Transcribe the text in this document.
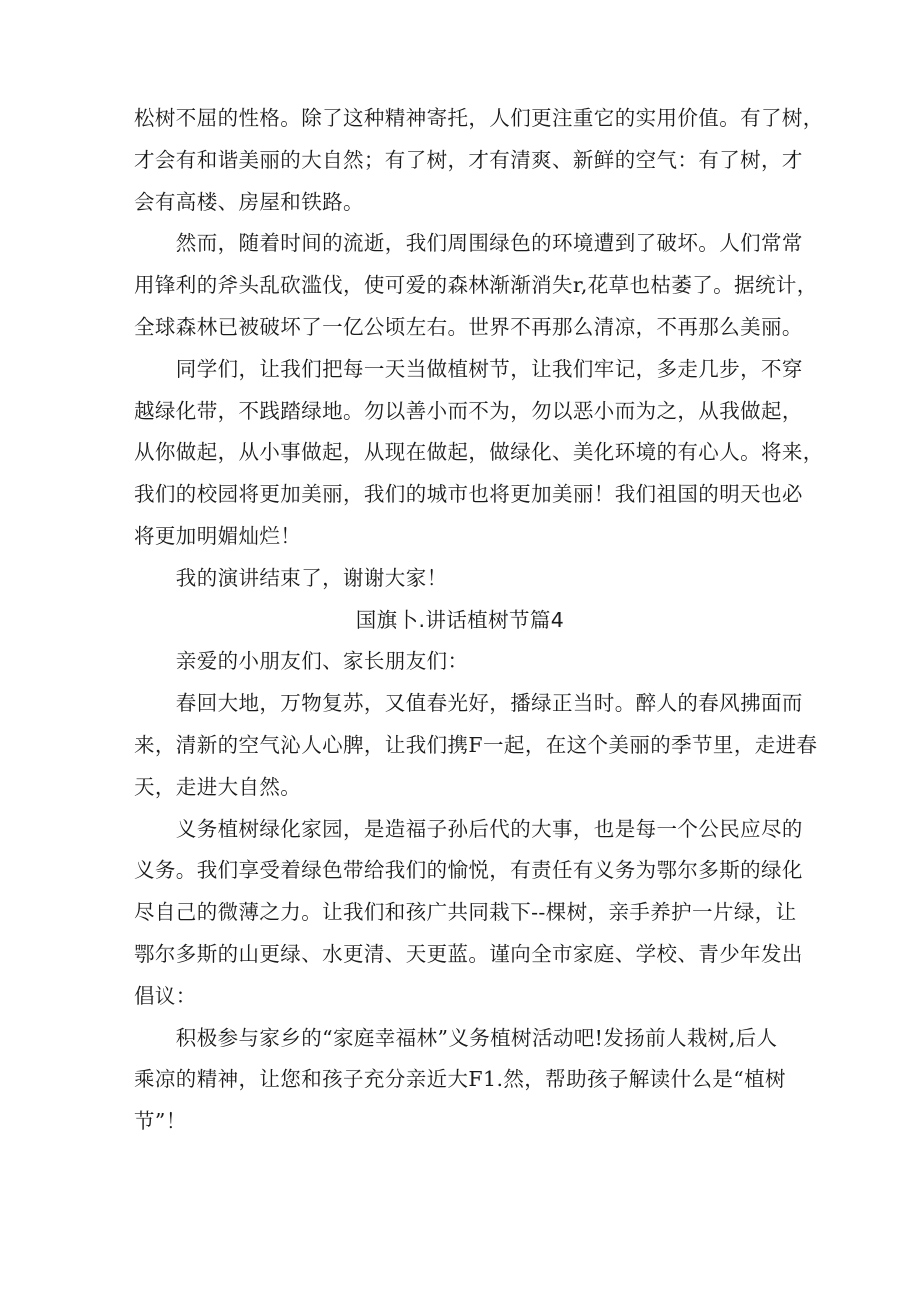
松树不屈的性格。除了这种精神寄托，人们更注重它的实用价值。有了树，
才会有和谐美丽的大自然；有了树，才有清爽、新鲜的空气：有了树，才
会有高楼、房屋和铁路。

　　然而，随着时间的流逝，我们周围绿色的环境遭到了破坏。人们常常
用锋利的斧头乱砍滥伐，使可爱的森林渐渐消失r,花草也枯萎了。据统计，
全球森林已被破坏了一亿公顷左右。世界不再那么清凉，不再那么美丽。

　　同学们，让我们把每一天当做植树节，让我们牢记，多走几步，不穿
越绿化带，不践踏绿地。勿以善小而不为，勿以恶小而为之，从我做起，
从你做起，从小事做起，从现在做起，做绿化、美化环境的有心人。将来，
我们的校园将更加美丽，我们的城市也将更加美丽！我们祖国的明天也必
将更加明媚灿烂！

　　我的演讲结束了，谢谢大家！

国旗卜.讲话植树节篇4

　　亲爱的小朋友们、家长朋友们：

　　春回大地，万物复苏，又值春光好，播绿正当时。醉人的春风拂面而
来，清新的空气沁人心脾，让我们携F一起，在这个美丽的季节里，走进春
天，走进大自然。

　　义务植树绿化家园，是造福子孙后代的大事，也是每一个公民应尽的
义务。我们享受着绿色带给我们的愉悦，有责任有义务为鄂尔多斯的绿化
尽自己的微薄之力。让我们和孩广共同栽下--棵树，亲手养护一片绿，让
鄂尔多斯的山更绿、水更清、天更蓝。谨向全市家庭、学校、青少年发出
倡议：

　　积极参与家乡的“家庭幸福林”义务植树活动吧!发扬前人栽树,后人
乘凉的精神，让您和孩子充分亲近大F1.然，帮助孩子解读什么是“植树
节”！
